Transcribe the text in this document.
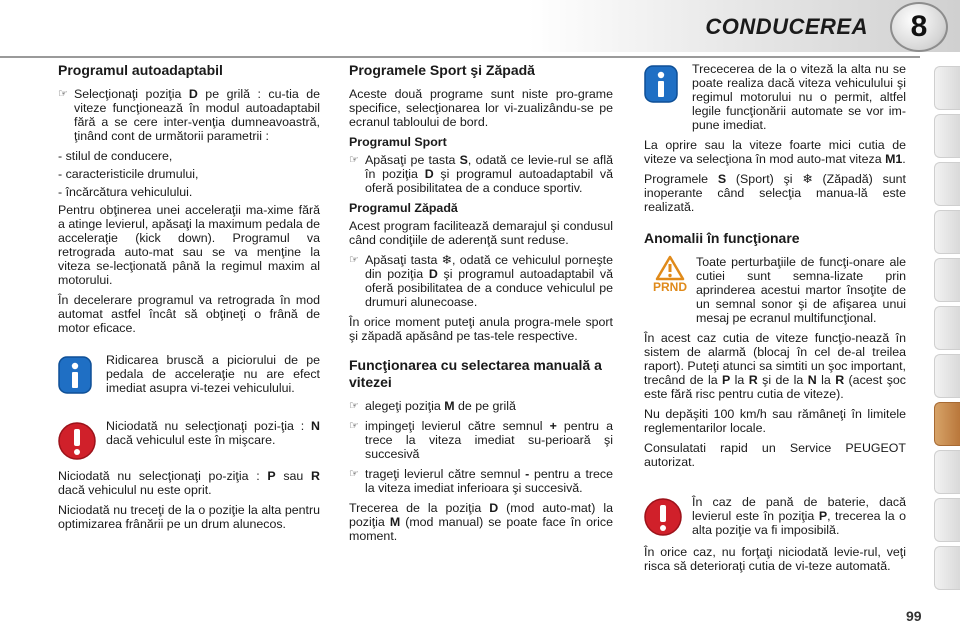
CONDUCEREA	8
Programul autoadaptabil
☞ Selecţionaţi poziţia D pe grilă : cu-tia de viteze funcţionează în modul autoadaptabil fără a se cere inter-venţia dumneavoastră, ţinând cont de următorii parametrii :
- stilul de conducere,
- caracteristicile drumului,
- încărcătura vehiculului.

Pentru obţinerea unei acceleraţii ma-xime fără a atinge levierul, apăsaţi la maximum pedala de acceleraţie (kick down). Programul va retrograda auto-mat sau se va menţine la viteza se-lecţionată până la regimul maxim al motorului.

În decelerare programul va retrograda în mod automat astfel încât să obţineţi o frână de motor eficace.

Ridicarea bruscă a piciorului de pe pedala de acceleraţie nu are efect imediat asupra vi-tezei vehiculului.
Niciodată nu selecţionaţi pozi-ţia : N dacă vehiculul este în mişcare.

Niciodată nu selecţionaţi po-ziţia : P sau R dacă vehiculul nu este oprit.

Niciodată nu treceţi de la o poziţie la alta pentru optimizarea frânării pe un drum alunecos.

Programele Sport şi Zăpadă

Aceste două programe sunt niste pro-grame specifice, selecţionarea lor vi-zualizându-se pe ecranul tabloului de bord.

Programul Sport
☞ Apăsaţi pe tasta S, odată ce levie-rul se află în poziţia D şi programul autoadaptabil vă oferă posibilitatea de a conduce sportiv.
Programul Zăpadă

Acest program facilitează demarajul şi condusul când condiţiile de aderenţă sunt reduse.

☞ Apăsaţi tasta ❄, odată ce vehiculul porneşte din poziţia D şi programul autoadaptabil vă oferă posibilitatea de a conduce vehiculul pe drumuri alunecoase.

În orice moment puteţi anula progra-mele sport şi zăpadă apăsând pe tas-tele respective.

Funcţionarea cu selectarea manuală a vitezei
☞ alegeţi poziţia M de pe grilă
☞ impingeţi levierul către semnul + pentru a trece la viteza imediat su-perioară şi succesivă
☞ trageţi levierul către semnul - pentru a trece la viteza imediat inferioara şi succesivă.

Trecerea de la poziţia D (mod auto-mat) la poziţia M (mod manual) se poate face în orice moment.

Trececerea de la o viteză la alta nu se poate realiza dacă viteza vehiculului şi regimul motorului nu o permit, altfel legile funcţionării automate se vor im-pune imediat.

La oprire sau la viteze foarte mici cutia de viteze va selecţiona în mod auto-mat viteza M1.

Programele S (Sport) şi ❄ (Zăpadă) sunt inoperante când selecţia manua-lă este realizată.

Anomalii în funcţionare
PRND
Toate perturbaţiile de funcţi-onare ale cutiei sunt semna-lizate prin aprinderea acestui martor însoţite de un semnal sonor şi de afişarea unui mesaj pe ecranul multifuncţional.

În acest caz cutia de viteze funcţio-nează în sistem de alarmă (blocaj în cel de-al treilea raport). Puteţi atunci sa simtiti un şoc important, trecând de la P la R şi de la N la R (acest şoc este fără risc pentru cutia de viteze).

Nu depăşiti 100 km/h sau rămâneţi în limitele reglementarilor locale.

Consulatati rapid un Service PEUGEOT autorizat.

În caz de pană de baterie, dacă levierul este în poziţia P, trecerea la o alta poziţie va fi imposibilă.

În orice caz, nu forţaţi niciodată levie-rul, veţi risca să deterioraţi cutia de vi-teze automată.

99
